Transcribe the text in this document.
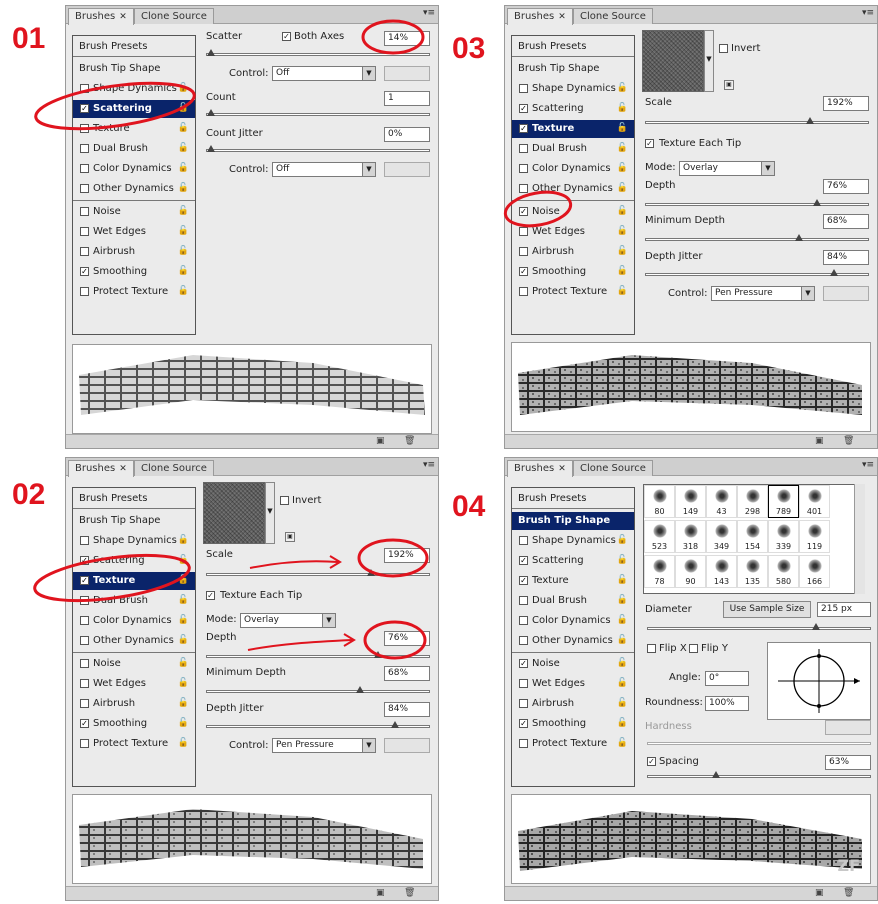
01
02
03
04
Brushes ✕	Clone Source	▾≡
Brush Presets
Brush Tip Shape
Shape Dynamics 🔓
✓ Scattering	🔓
Texture	🔓
Dual Brush	🔓
Color Dynamics 🔓
Other Dynamics 🔓
Noise	🔓
Wet Edges	🔓
Airbrush	🔓
✓ Smoothing	🔓
Protect Texture 🔓
Scatter	✓ Both Axes	14%
Control: Off	▼
Count	1
Count Jitter	0%
Control: Off	▼
▣ 🗑
Brushes ✕	Clone Source	▾≡
Brush Presets
Brush Tip Shape
Shape Dynamics 🔓
✓ Scattering	🔓
✓ Texture	🔓
Dual Brush	🔓
Color Dynamics 🔓
Other Dynamics 🔓
Noise	🔓
Wet Edges	🔓
Airbrush	🔓
✓ Smoothing	🔓
Protect Texture 🔓
▼
Invert
▣
Scale	192%
✓ Texture Each Tip
Mode: Overlay	▼
Depth	76%
Minimum Depth	68%
Depth Jitter	84%
Control: Pen Pressure	▼
▣ 🗑
Brushes ✕	Clone Source	▾≡
Brush Presets
Brush Tip Shape
Shape Dynamics 🔓
✓ Scattering	🔓
✓ Texture	🔓
Dual Brush	🔓
Color Dynamics 🔓
Other Dynamics 🔓
✓ Noise	🔓
Wet Edges	🔓
Airbrush	🔓
✓ Smoothing	🔓
Protect Texture 🔓
▼
Invert
▣
Scale	192%
✓ Texture Each Tip
Mode: Overlay	▼
Depth	76%
Minimum Depth	68%
Depth Jitter	84%
Control: Pen Pressure	▼
▣ 🗑
Brushes ✕	Clone Source	▾≡
Brush Presets
Brush Tip Shape
Shape Dynamics 🔓
✓ Scattering	🔓
✓ Texture	🔓
Dual Brush	🔓
Color Dynamics 🔓
Other Dynamics 🔓
✓ Noise	🔓
Wet Edges	🔓
Airbrush	🔓
✓ Smoothing	🔓
Protect Texture 🔓
80	149	43	298	789	401
523	318	349	154	339	119
78	90	143	135	580	166
Diameter	Use Sample Size	215 px
Flip X Flip Y
Angle: 0°
Roundness: 100%
Hardness
✓ Spacing	63%
ZF
▣ 🗑
